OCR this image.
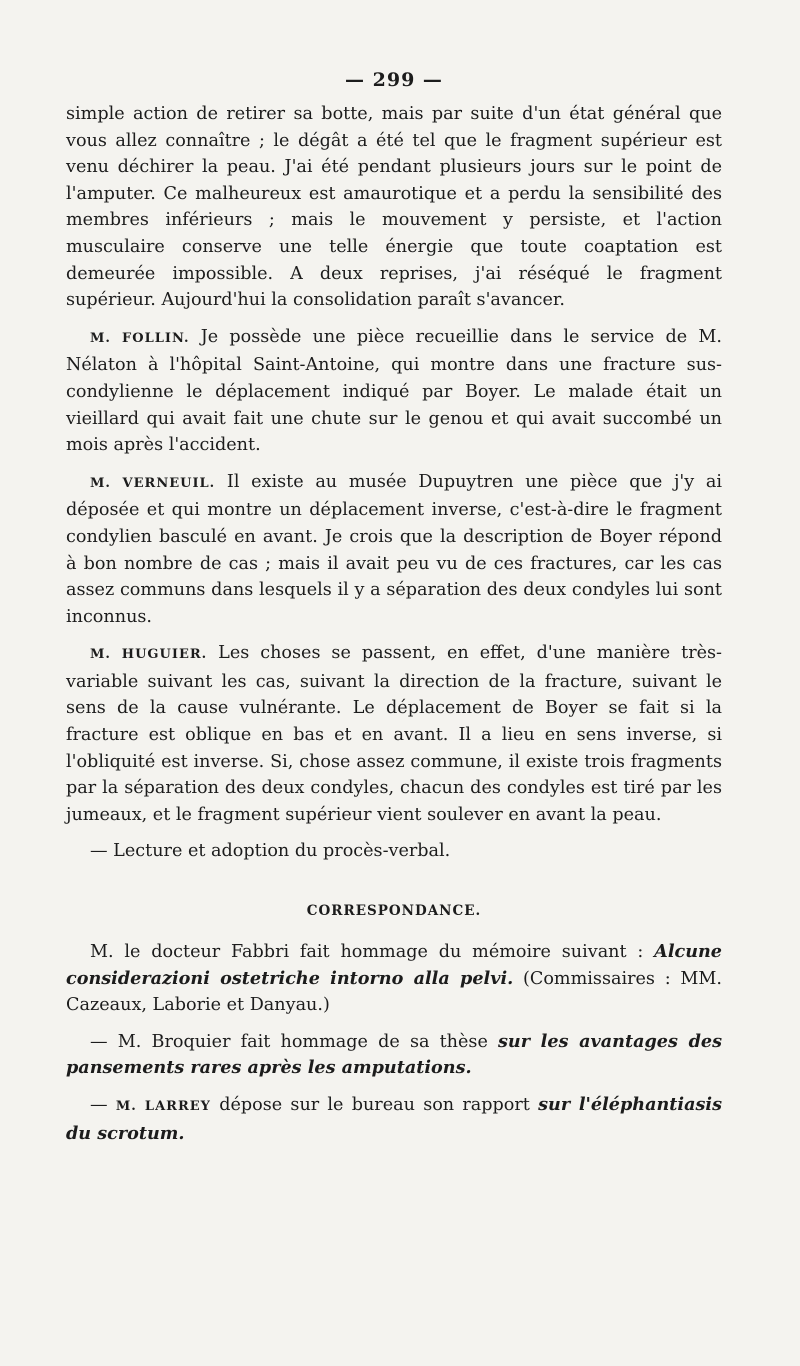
— 299 —

simple action de retirer sa botte, mais par suite d'un état général que vous allez connaître ; le dégât a été tel que le fragment supérieur est venu déchirer la peau. J'ai été pendant plusieurs jours sur le point de l'amputer. Ce malheureux est amaurotique et a perdu la sensibilité des membres inférieurs ; mais le mouvement y persiste, et l'action musculaire conserve une telle énergie que toute coaptation est demeurée impossible. A deux reprises, j'ai réséqué le fragment supérieur. Aujourd'hui la consolidation paraît s'avancer.

M. FOLLIN. Je possède une pièce recueillie dans le service de M. Nélaton à l'hôpital Saint-Antoine, qui montre dans une fracture sus-condylienne le déplacement indiqué par Boyer. Le malade était un vieillard qui avait fait une chute sur le genou et qui avait succombé un mois après l'accident.

M. VERNEUIL. Il existe au musée Dupuytren une pièce que j'y ai déposée et qui montre un déplacement inverse, c'est-à-dire le fragment condylien basculé en avant. Je crois que la description de Boyer répond à bon nombre de cas ; mais il avait peu vu de ces fractures, car les cas assez communs dans lesquels il y a séparation des deux condyles lui sont inconnus.

M. HUGUIER. Les choses se passent, en effet, d'une manière très-variable suivant les cas, suivant la direction de la fracture, suivant le sens de la cause vulnérante. Le déplacement de Boyer se fait si la fracture est oblique en bas et en avant. Il a lieu en sens inverse, si l'obliquité est inverse. Si, chose assez commune, il existe trois fragments par la séparation des deux condyles, chacun des condyles est tiré par les jumeaux, et le fragment supérieur vient soulever en avant la peau.

— Lecture et adoption du procès-verbal.

CORRESPONDANCE.

M. le docteur Fabbri fait hommage du mémoire suivant : Alcune considerazioni ostetriche intorno alla pelvi. (Commissaires : MM. Cazeaux, Laborie et Danyau.)

— M. Broquier fait hommage de sa thèse sur les avantages des pansements rares après les amputations.

— M. LARREY dépose sur le bureau son rapport sur l'éléphantiasis du scrotum.
